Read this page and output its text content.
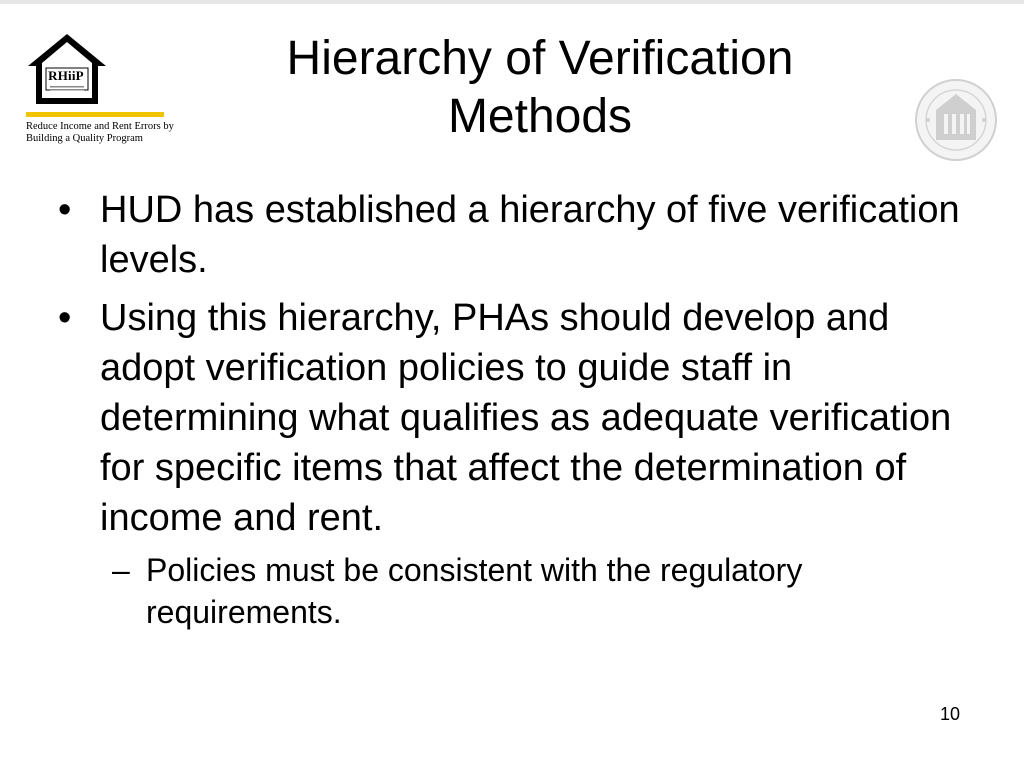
RHiiP
Reduce Income and Rent Errors by Building a Quality Program
Hierarchy of Verification Methods
• HUD has established a hierarchy of five verification levels.
• Using this hierarchy, PHAs should develop and adopt verification policies to guide staff in determining what qualifies as adequate verification for specific items that affect the determination of income and rent.
– Policies must be consistent with the regulatory requirements.
10
